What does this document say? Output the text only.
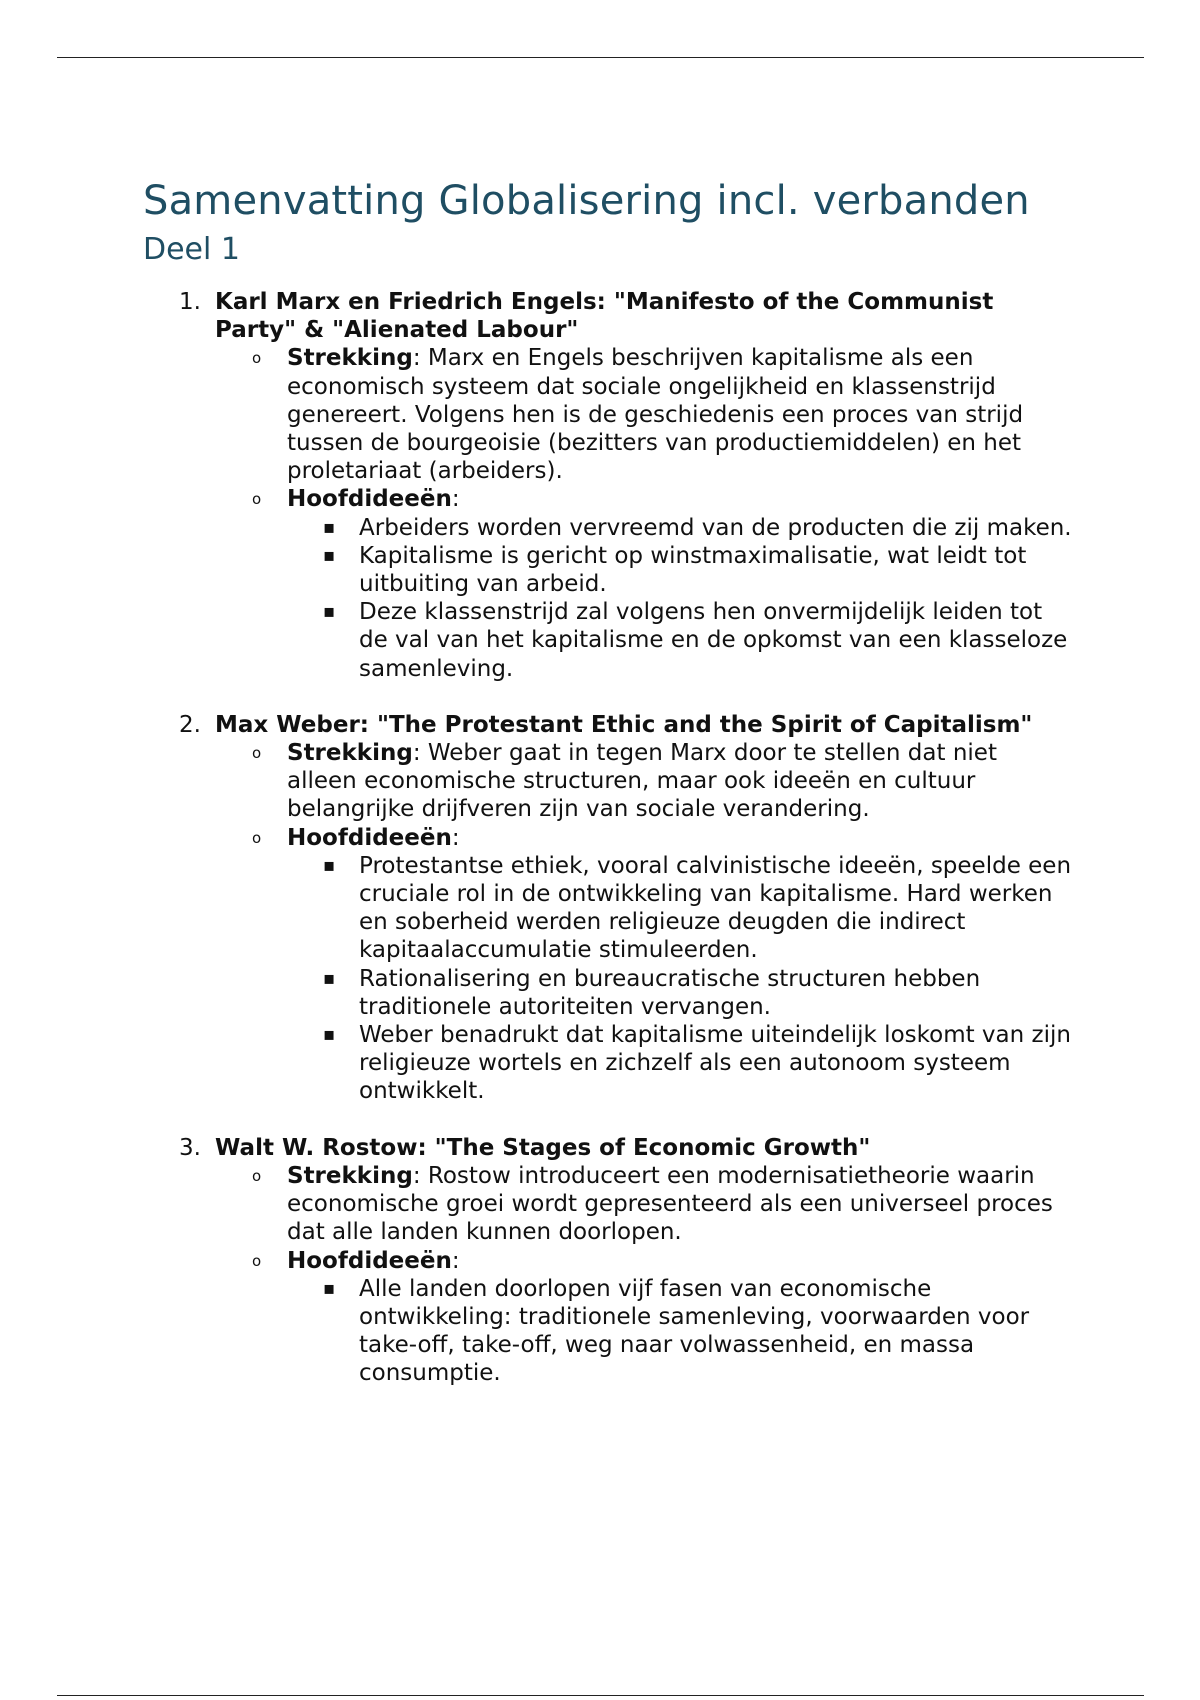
Samenvatting Globalisering incl. verbanden
Deel 1
1. Karl Marx en Friedrich Engels: "Manifesto of the Communist Party" & "Alienated Labour"
o Strekking: Marx en Engels beschrijven kapitalisme als een economisch systeem dat sociale ongelijkheid en klassenstrijd genereert. Volgens hen is de geschiedenis een proces van strijd tussen de bourgeoisie (bezitters van productiemiddelen) en het proletariaat (arbeiders).
o Hoofdideeën:
▪ Arbeiders worden vervreemd van de producten die zij maken.
▪ Kapitalisme is gericht op winstmaximalisatie, wat leidt tot uitbuiting van arbeid.
▪ Deze klassenstrijd zal volgens hen onvermijdelijk leiden tot de val van het kapitalisme en de opkomst van een klasseloze samenleving.
2. Max Weber: "The Protestant Ethic and the Spirit of Capitalism"
o Strekking: Weber gaat in tegen Marx door te stellen dat niet alleen economische structuren, maar ook ideeën en cultuur belangrijke drijfveren zijn van sociale verandering.
o Hoofdideeën:
▪ Protestantse ethiek, vooral calvinistische ideeën, speelde een cruciale rol in de ontwikkeling van kapitalisme. Hard werken en soberheid werden religieuze deugden die indirect kapitaalaccumulatie stimuleerden.
▪ Rationalisering en bureaucratische structuren hebben traditionele autoriteiten vervangen.
▪ Weber benadrukt dat kapitalisme uiteindelijk loskomt van zijn religieuze wortels en zichzelf als een autonoom systeem ontwikkelt.
3. Walt W. Rostow: "The Stages of Economic Growth"
o Strekking: Rostow introduceert een modernisatietheorie waarin economische groei wordt gepresenteerd als een universeel proces dat alle landen kunnen doorlopen.
o Hoofdideeën:
▪ Alle landen doorlopen vijf fasen van economische ontwikkeling: traditionele samenleving, voorwaarden voor take-off, take-off, weg naar volwassenheid, en massa consumptie.
